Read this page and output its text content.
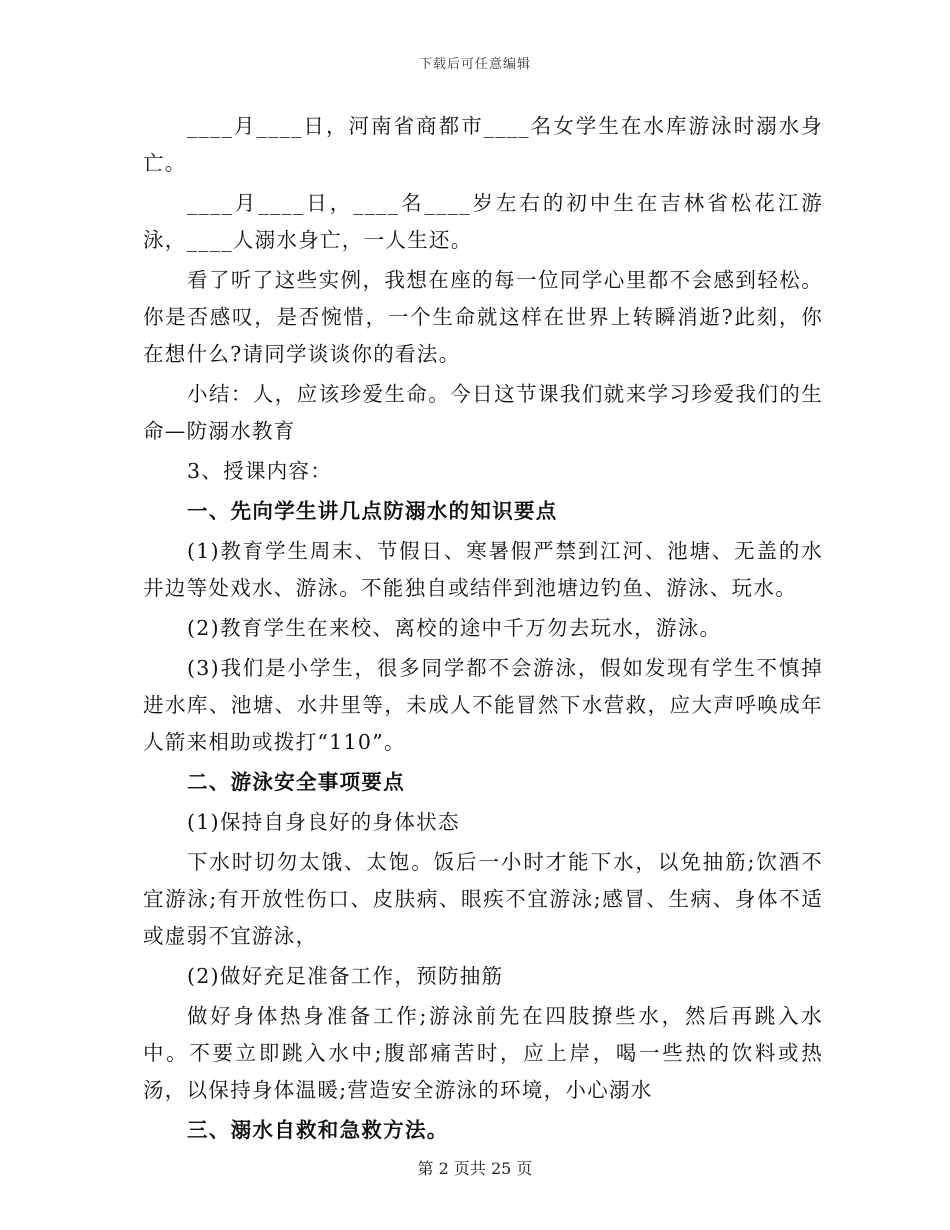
下载后可任意编辑

____月____日，河南省商都市____名女学生在水库游泳时溺水身亡。

____月____日，____名____岁左右的初中生在吉林省松花江游泳，____人溺水身亡，一人生还。

看了听了这些实例，我想在座的每一位同学心里都不会感到轻松。你是否感叹，是否惋惜，一个生命就这样在世界上转瞬消逝?此刻，你在想什么?请同学谈谈你的看法。

小结：人，应该珍爱生命。今日这节课我们就来学习珍爱我们的生命—防溺水教育

3、授课内容：

一、先向学生讲几点防溺水的知识要点

(1)教育学生周末、节假日、寒暑假严禁到江河、池塘、无盖的水井边等处戏水、游泳。不能独自或结伴到池塘边钓鱼、游泳、玩水。

(2)教育学生在来校、离校的途中千万勿去玩水，游泳。

(3)我们是小学生，很多同学都不会游泳，假如发现有学生不慎掉进水库、池塘、水井里等，未成人不能冒然下水营救，应大声呼唤成年人箭来相助或拨打“110”。

二、游泳安全事项要点

(1)保持自身良好的身体状态

下水时切勿太饿、太饱。饭后一小时才能下水，以免抽筋;饮酒不宜游泳;有开放性伤口、皮肤病、眼疾不宜游泳;感冒、生病、身体不适或虚弱不宜游泳，

(2)做好充足准备工作，预防抽筋

做好身体热身准备工作;游泳前先在四肢撩些水，然后再跳入水中。不要立即跳入水中;腹部痛苦时，应上岸，喝一些热的饮料或热汤，以保持身体温暖;营造安全游泳的环境，小心溺水

三、溺水自救和急救方法。

第 2 页共 25 页
